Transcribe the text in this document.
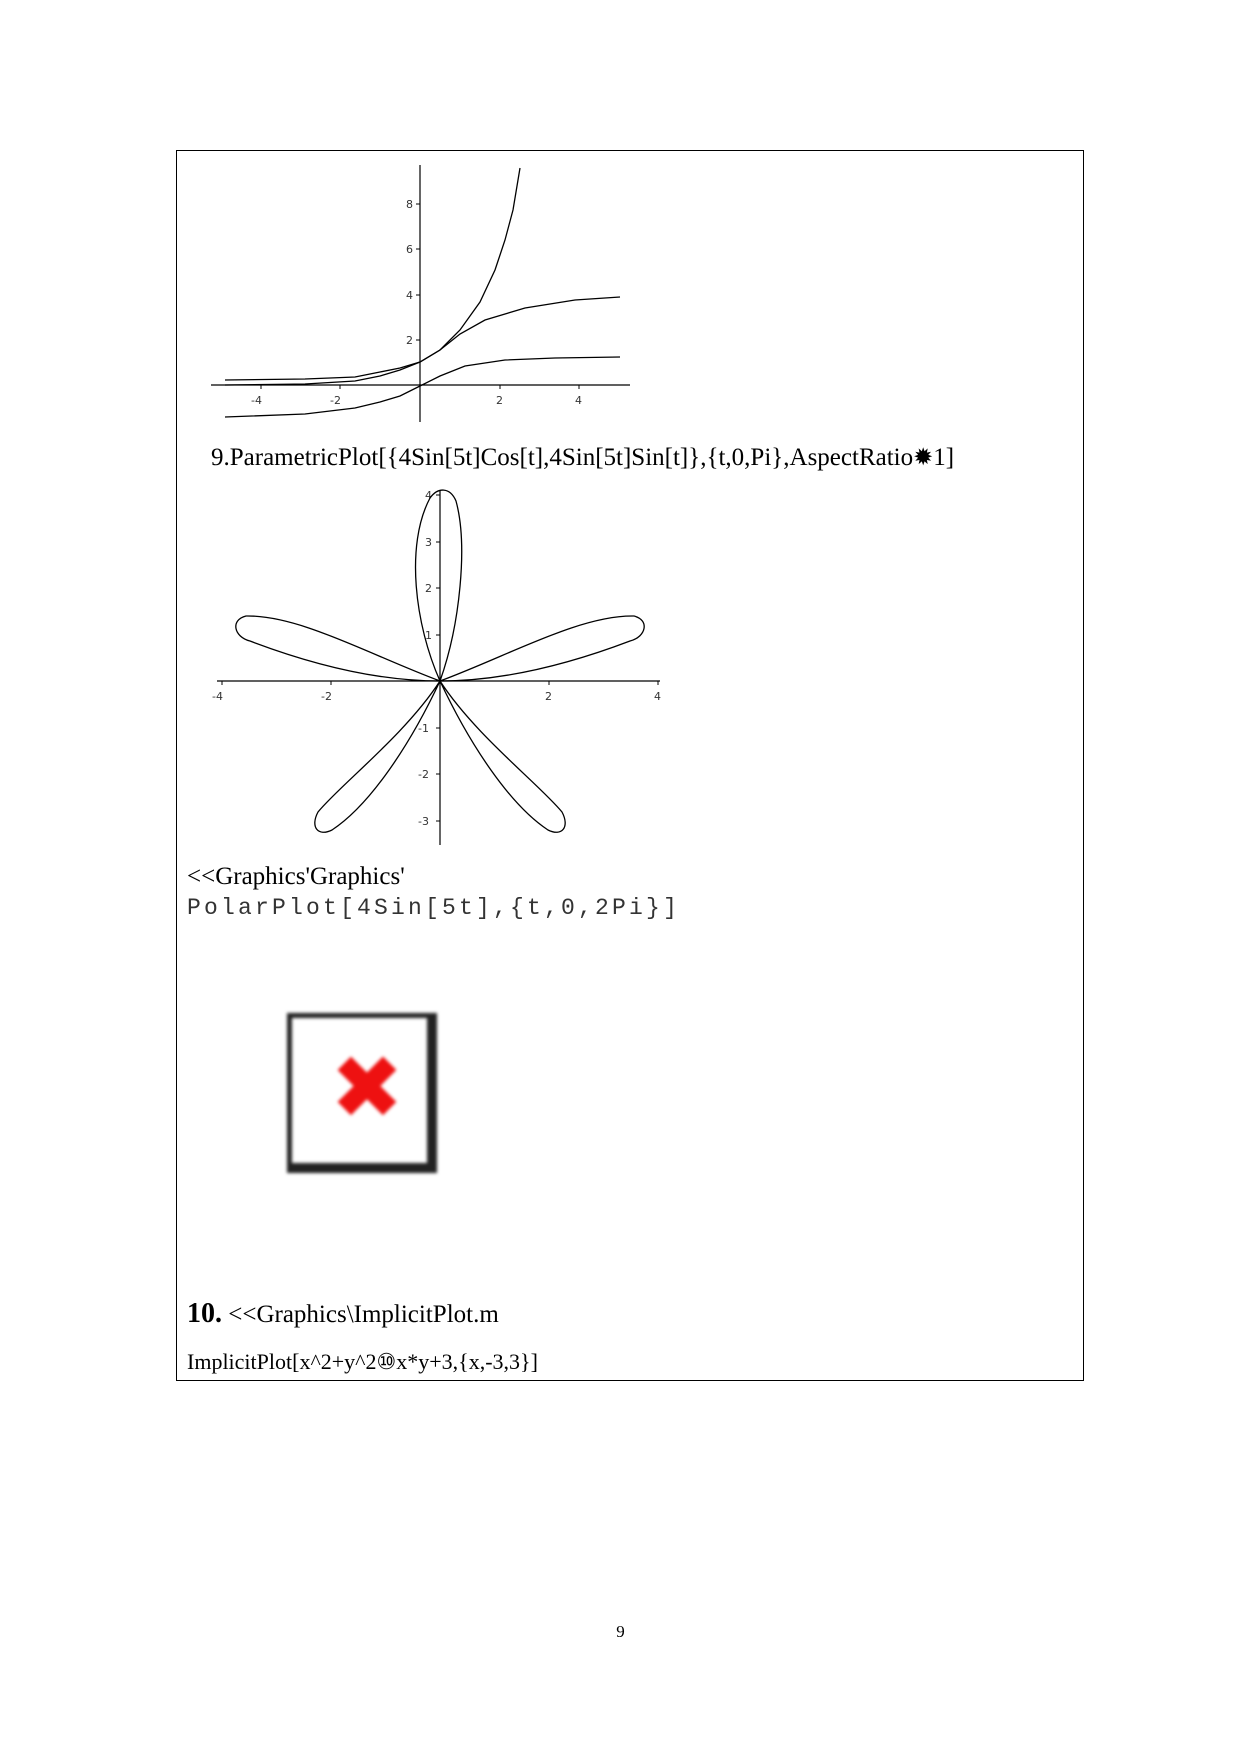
-4	-2	2	4
2
4
6
8
9.ParametricPlot[{4Sin[5t]Cos[t],4Sin[5t]Sin[t]},{t,0,Pi},AspectRatio✹1]
-4	-2	2	4
4
3
2
1
-1
-2
-3
<<Graphics'Graphics'
PolarPlot[4Sin[5t],{t,0,2Pi}]
✖
10. <<Graphics\ImplicitPlot.m
ImplicitPlot[x^2+y^2⑩x*y+3,{x,-3,3}]
9
